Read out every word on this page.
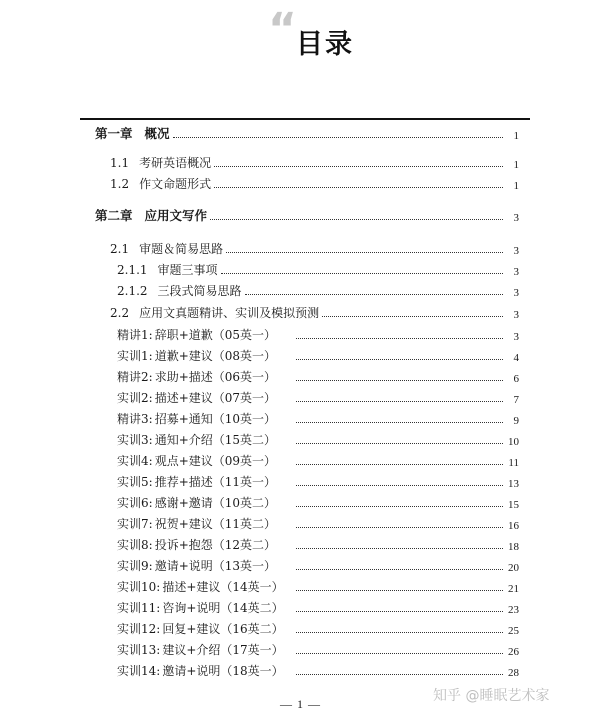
“ 目录
第一章 概况	1
1.1 考研英语概况	1
1.2 作文命题形式	1
第二章 应用文写作	3
2.1 审题＆简易思路	3
2.1.1 审题三事项	3
2.1.2 三段式简易思路	3
2.2 应用文真题精讲、实训及模拟预测	3
精讲1: 辞职+道歉（05英一）	3
实训1: 道歉+建议（08英一）	4
精讲2: 求助+描述（06英一）	6
实训2: 描述+建议（07英一）	7
精讲3: 招募+通知（10英一）	9
实训3: 通知+介绍（15英二）	10
实训4: 观点+建议（09英一）	11
实训5: 推荐+描述（11英一）	13
实训6: 感谢+邀请（10英二）	15
实训7: 祝贺+建议（11英二）	16
实训8: 投诉+抱怨（12英二）	18
实训9: 邀请+说明（13英一）	20
实训10: 描述+建议（14英一）	21
实训11: 咨询+说明（14英二）	23
实训12: 回复+建议（16英二）	25
实训13: 建议+介绍（17英一）	26
实训14: 邀请+说明（18英一）	28
— 1 —	知乎 @睡眠艺术家
